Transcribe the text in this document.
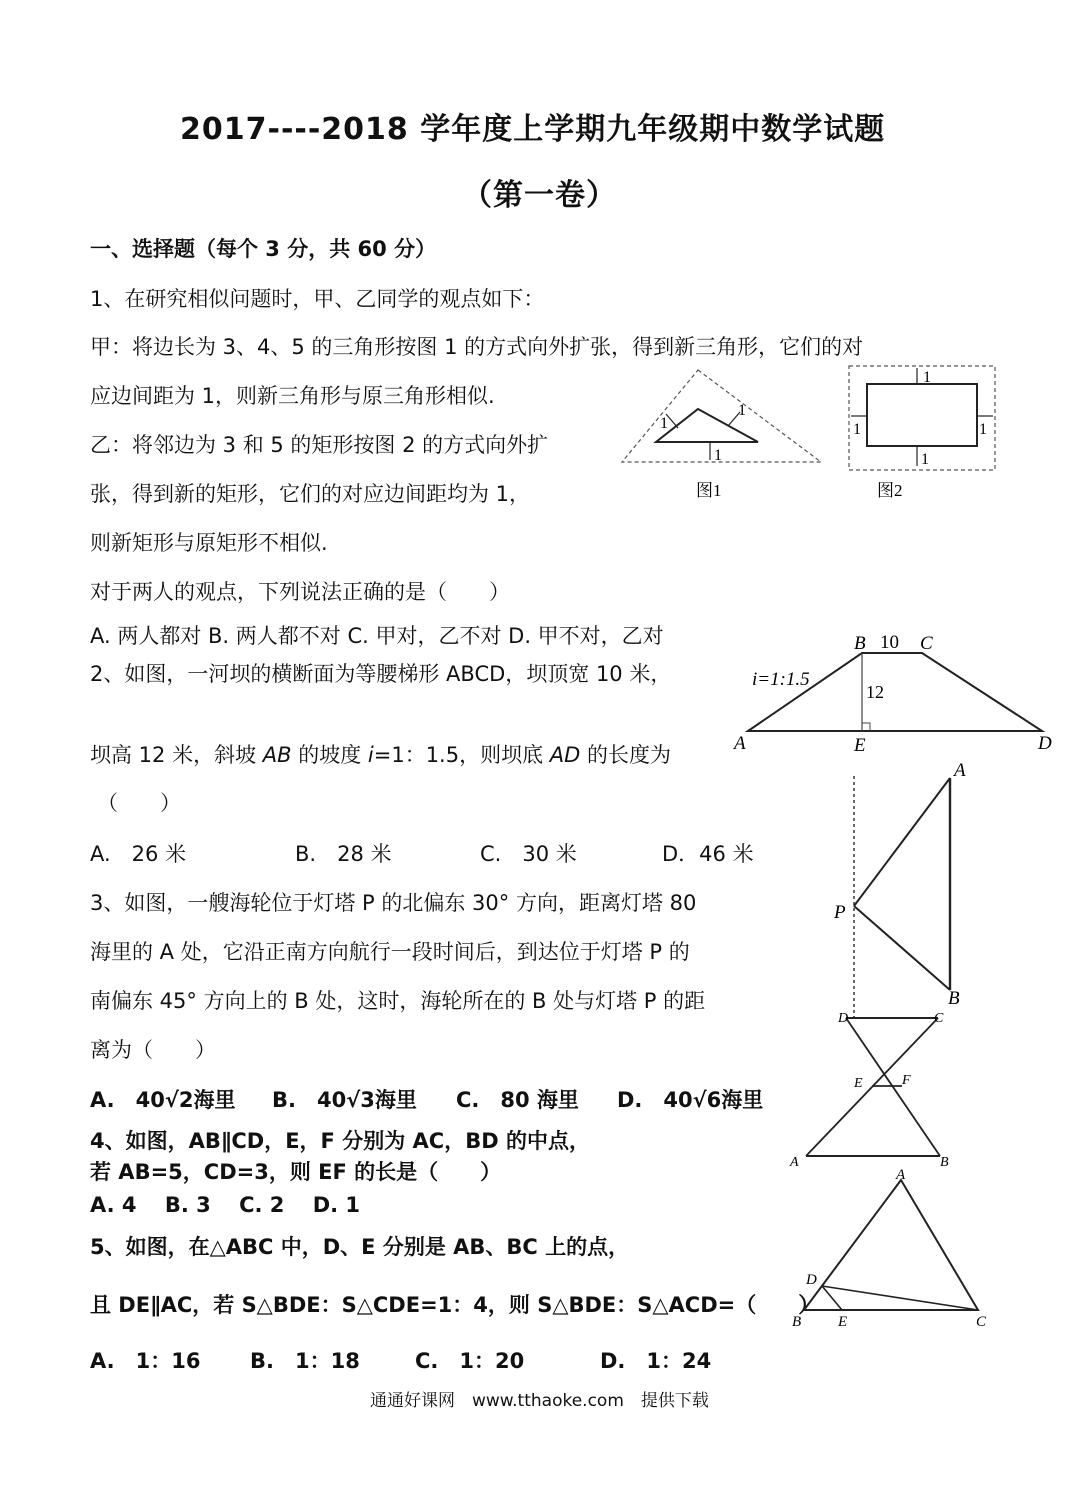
2017----2018 学年度上学期九年级期中数学试题
（第一卷）
一、选择题（每个 3 分，共 60 分）
1、在研究相似问题时，甲、乙同学的观点如下：
甲：将边长为 3、4、5 的三角形按图 1 的方式向外扩张，得到新三角形，它们的对
应边间距为 1，则新三角形与原三角形相似.
乙：将邻边为 3 和 5 的矩形按图 2 的方式向外扩
张，得到新的矩形，它们的对应边间距均为 1，
则新矩形与原矩形不相似.
对于两人的观点，下列说法正确的是（　　）
A. 两人都对 B. 两人都不对 C. 甲对，乙不对 D. 甲不对，乙对
1
1
1
图1
1
1	1
1
图2
2、如图，一河坝的横断面为等腰梯形 ABCD，坝顶宽 10 米，
坝高 12 米，斜坡 AB 的坡度 i=1：1.5，则坝底 AD 的长度为
（　　）
A.　26 米	B.　28 米	C.　30 米	D．46 米
B 10 C
12
i=1:1.5
A	E	D
3、如图，一艘海轮位于灯塔 P 的北偏东 30° 方向，距离灯塔 80
海里的 A 处，它沿正南方向航行一段时间后，到达位于灯塔 P 的
南偏东 45° 方向上的 B 处，这时，海轮所在的 B 处与灯塔 P 的距
离为（　　）
A.　40√2海里 B.　40√3海里 C.　80 海里 D.　40√6海里
A
P
B
4、如图，AB∥CD，E，F 分别为 AC，BD 的中点，
若 AB=5，CD=3，则 EF 的长是（　　）
A. 4　 B. 3　 C. 2　 D. 1
D	C
E	F
A	B
5、如图，在△ABC 中，D、E 分别是 AB、BC 上的点，
且 DE∥AC，若 S△BDE：S△CDE=1：4，则 S△BDE：S△ACD=（　　）
A.　1：16 B.　1：18	C.　1：20	D.　1：24
A
D
B E	C
通通好课网　www.tthaoke.com　提供下载
